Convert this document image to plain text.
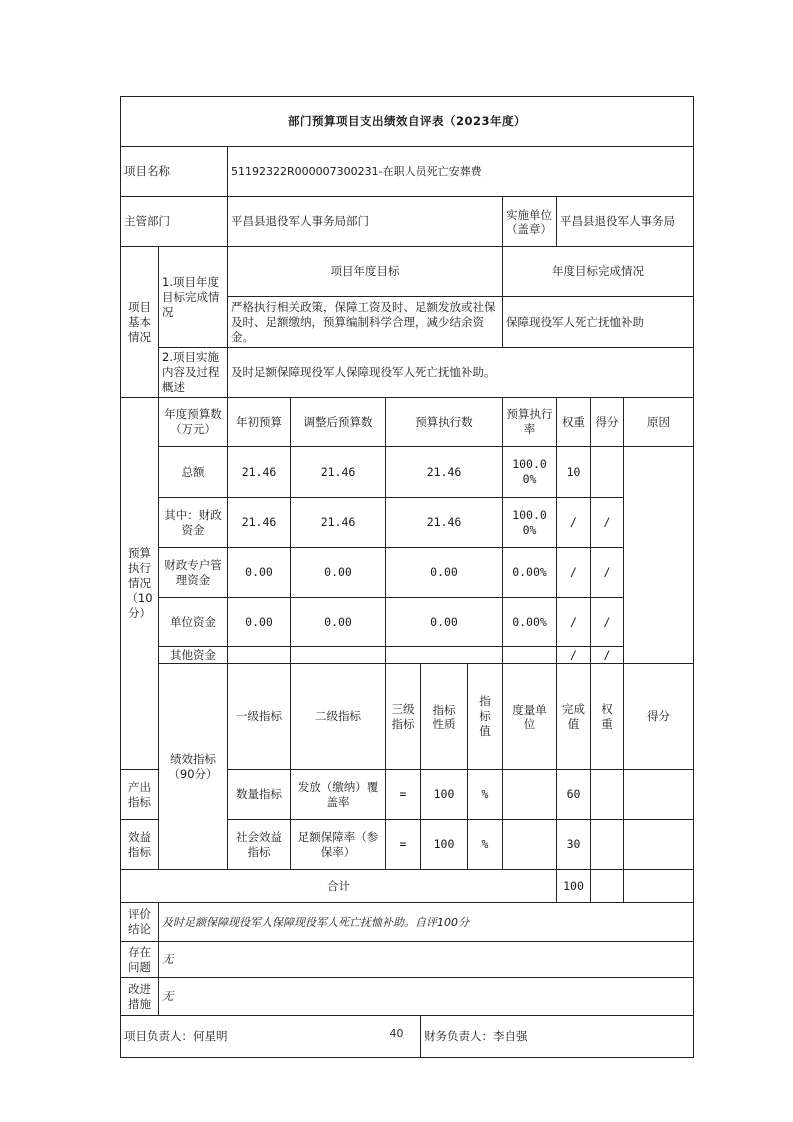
部门预算项目支出绩效自评表（2023年度）											
项目名称		51192322R000007300231-在职人员死亡安葬费									
主管部门		平昌县退役军人事务局部门					实施单位（盖章）	平昌县退役军人事务局			
项目基本情况	1.项目年度目标完成情况	项目年度目标					年度目标完成情况				
		严格执行相关政策，保障工资及时、足额发放或社保及时、足额缴纳，预算编制科学合理，减少结余资金。					保障现役军人死亡抚恤补助				
	2.项目实施内容及过程概述	及时足额保障现役军人保障现役军人死亡抚恤补助。									
预算执行情况（10分）	年度预算数（万元）	年初预算	调整后预算数	预算执行数			预算执行率	权重	得分	原因	
	总额	21.46	21.46	21.46			100.00%	10			
	其中：财政资金	21.46	21.46	21.46			100.00%	/	/		
	财政专户管理资金	0.00	0.00	0.00			0.00%	/	/		
	单位资金	0.00	0.00	0.00			0.00%	/	/		
	其他资金							/	/		
	绩效指标（90分）	一级指标	二级指标	三级指标	指标性质	指标值	度量单位	完成值	权重	得分	
产出指标		数量指标	发放（缴纳）覆盖率	=	100	%		60			
效益指标		社会效益指标	足额保障率（参保率）	=	100	%		30			
合计								100			
评价结论	及时足额保障现役军人保障现役军人死亡抚恤补助。自评100分										
存在问题	无										
改进措施	无										
项目负责人：何星明					财务负责人：李自强						
40
